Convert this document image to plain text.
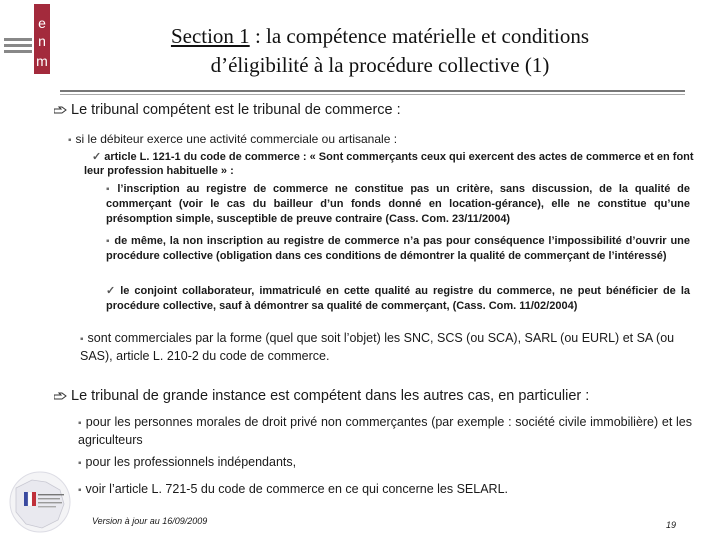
e
n
m
Section 1 : la compétence matérielle et conditions
d’éligibilité à la procédure collective (1)
Le tribunal compétent est le tribunal de commerce :
▪ si le débiteur exerce une activité commerciale ou artisanale :
✓ article L. 121-1 du code de commerce : « Sont commerçants ceux qui exercent des actes de commerce et en font leur profession habituelle » :
▪ l’inscription au registre de commerce ne constitue pas un critère, sans discussion, de la qualité de commerçant (voir le cas du bailleur d’un fonds donné en location-gérance), elle ne constitue qu’une présomption simple, susceptible de preuve contraire (Cass. Com. 23/11/2004)
▪ de même, la non inscription au registre de commerce n’a pas pour conséquence l’impossibilité d’ouvrir une procédure collective (obligation dans ces conditions de démontrer la qualité de commerçant de l’intéressé)
✓ le conjoint collaborateur, immatriculé en cette qualité au registre du commerce, ne peut bénéficier de la procédure collective, sauf à démontrer sa qualité de commerçant, (Cass. Com. 11/02/2004)
▪ sont commerciales par la forme (quel que soit l’objet) les SNC, SCS (ou SCA), SARL (ou EURL) et SA (ou SAS), article L. 210-2 du code de commerce.
Le tribunal de grande instance est compétent dans les autres cas, en particulier :
▪ pour les personnes morales de droit privé non commerçantes (par exemple : société civile immobilière) et les agriculteurs
▪ pour les professionnels indépendants,
▪ voir l’article L. 721-5 du code de commerce en ce qui concerne les SELARL.
Version à jour au 16/09/2009	19
